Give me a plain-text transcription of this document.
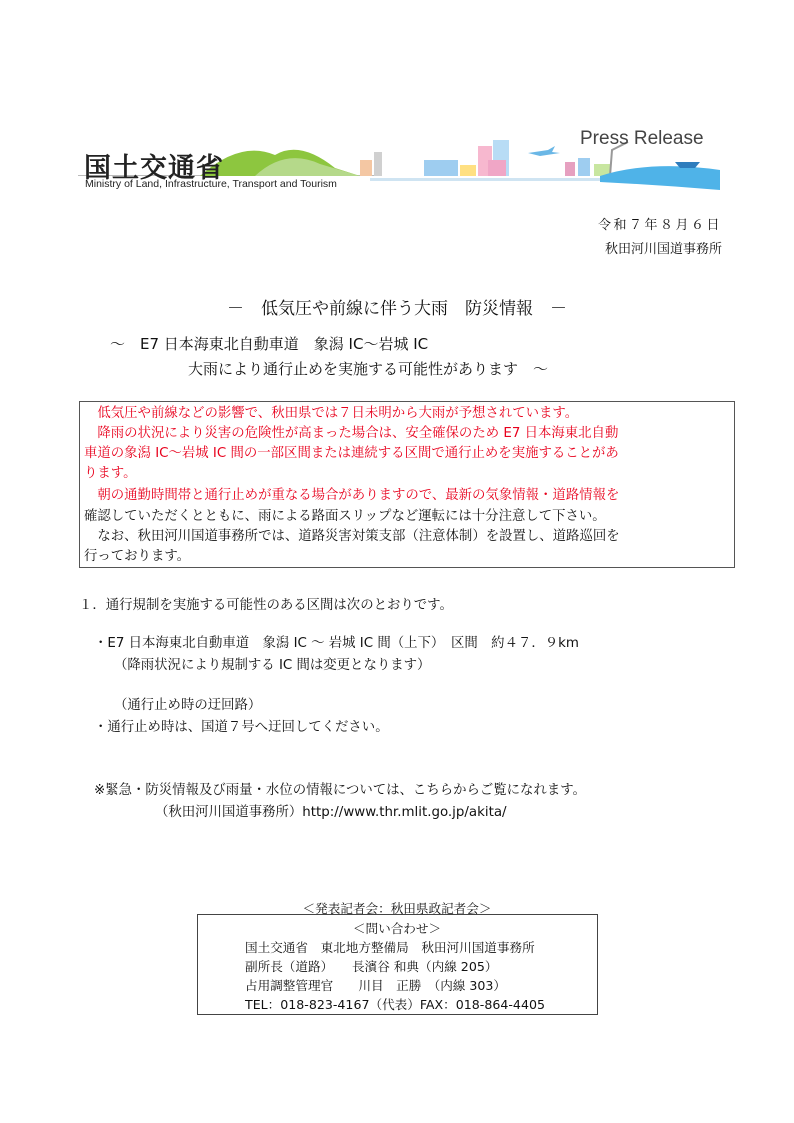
国土交通省
Ministry of Land, Infrastructure, Transport and Tourism
Press Release
令和７年８月６日
秋田河川国道事務所
－　低気圧や前線に伴う大雨　防災情報　－
～　E7 日本海東北自動車道　象潟 IC～岩城 IC
大雨により通行止めを実施する可能性があります　～
　低気圧や前線などの影響で、秋田県では７日未明から大雨が予想されています。
　降雨の状況により災害の危険性が高まった場合は、安全確保のため E7 日本海東北自動
車道の象潟 IC～岩城 IC 間の一部区間または連続する区間で通行止めを実施することがあ
ります。
　朝の通勤時間帯と通行止めが重なる場合がありますので、最新の気象情報・道路情報を
確認していただくとともに、雨による路面スリップなど運転には十分注意して下さい。
　なお、秋田河川国道事務所では、道路災害対策支部（注意体制）を設置し、道路巡回を
行っております。
１．通行規制を実施する可能性のある区間は次のとおりです。
・E7 日本海東北自動車道　象潟 IC ～ 岩城 IC 間（上下）　区間　約４７．９km
（降雨状況により規制する IC 間は変更となります）
（通行止め時の迂回路）
・通行止め時は、国道７号へ迂回してください。
※緊急・防災情報及び雨量・水位の情報については、こちらからご覧になれます。
（秋田河川国道事務所）http://www.thr.mlit.go.jp/akita/
＜発表記者会：秋田県政記者会＞
＜問い合わせ＞
国土交通省　東北地方整備局　秋田河川国道事務所
副所長（道路）　　長濱谷 和典（内線 205）
占用調整管理官　　川目　正勝　（内線 303）
TEL：018-823-4167（代表）FAX：018-864-4405
